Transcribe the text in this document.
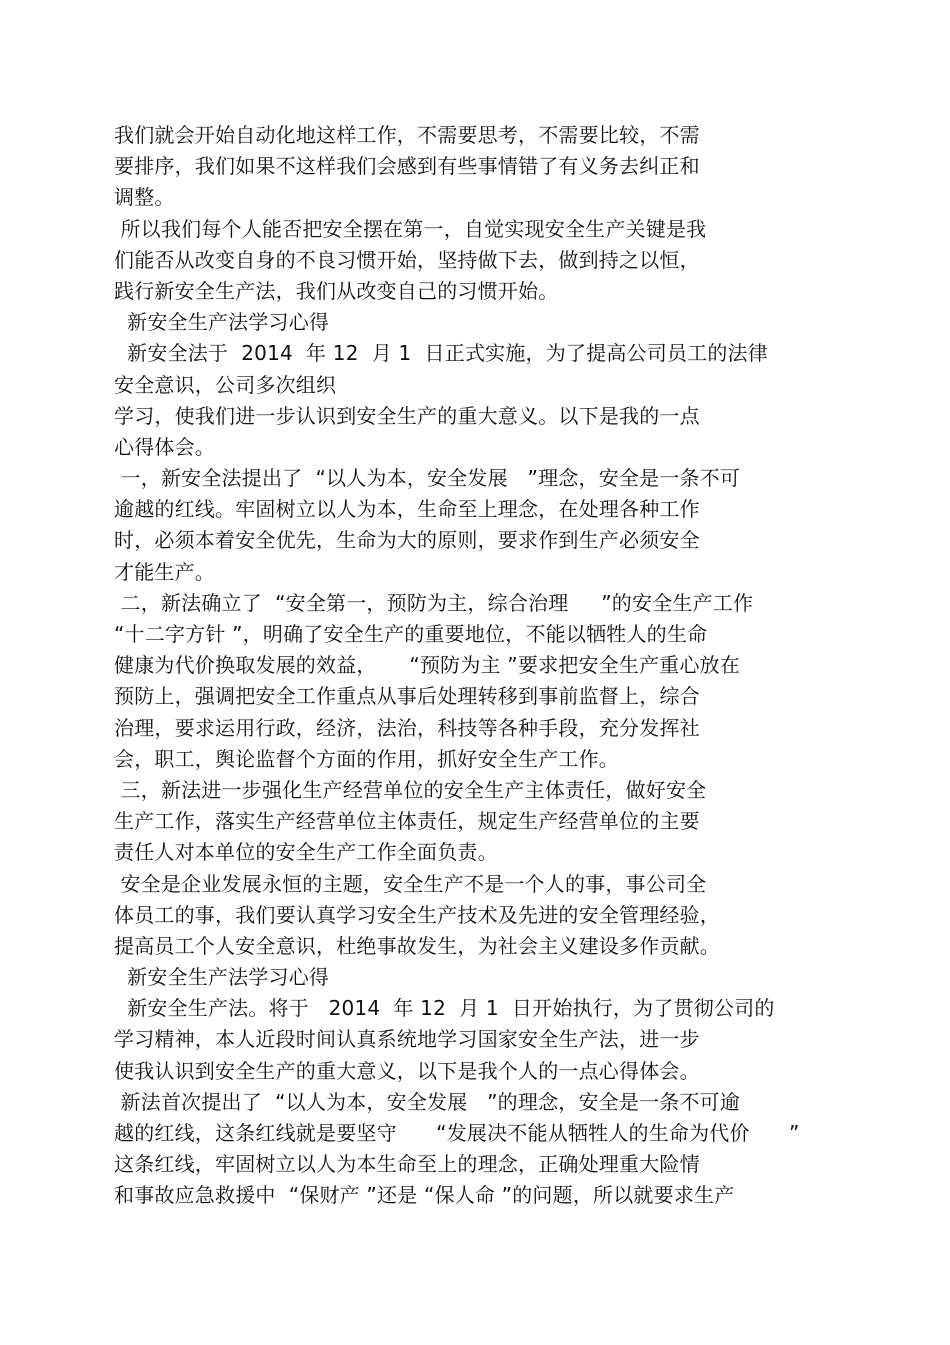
我们就会开始自动化地这样工作，不需要思考，不需要比较，不需
要排序，我们如果不这样我们会感到有些事情错了有义务去纠正和
调整。
所以我们每个人能否把安全摆在第一，自觉实现安全生产关键是我
们能否从改变自身的不良习惯开始，坚持做下去，做到持之以恒，
践行新安全生产法，我们从改变自己的习惯开始。
新安全生产法学习心得
新安全法于  2014  年 12  月 1  日正式实施，为了提高公司员工的法律
安全意识，公司多次组织
学习，使我们进一步认识到安全生产的重大意义。以下是我的一点
心得体会。
一，新安全法提出了  “以人为本，安全发展   ”理念，安全是一条不可
逾越的红线。牢固树立以人为本，生命至上理念，在处理各种工作
时，必须本着安全优先，生命为大的原则，要求作到生产必须安全
才能生产。
二，新法确立了  “安全第一，预防为主，综合治理     ”的安全生产工作
“十二字方针 ”，明确了安全生产的重要地位，不能以牺牲人的生命
健康为代价换取发展的效益，     “预防为主 ”要求把安全生产重心放在
预防上，强调把安全工作重点从事后处理转移到事前监督上，综合
治理，要求运用行政，经济，法治，科技等各种手段，充分发挥社
会，职工，舆论监督个方面的作用，抓好安全生产工作。
三，新法进一步强化生产经营单位的安全生产主体责任，做好安全
生产工作，落实生产经营单位主体责任，规定生产经营单位的主要
责任人对本单位的安全生产工作全面负责。
安全是企业发展永恒的主题，安全生产不是一个人的事，事公司全
体员工的事，我们要认真学习安全生产技术及先进的安全管理经验，
提高员工个人安全意识，杜绝事故发生，为社会主义建设多作贡献。
新安全生产法学习心得
新安全生产法。将于   2014  年 12  月 1  日开始执行，为了贯彻公司的
学习精神，本人近段时间认真系统地学习国家安全生产法，进一步
使我认识到安全生产的重大意义，以下是我个人的一点心得体会。
新法首次提出了  “以人为本，安全发展   ”的理念，安全是一条不可逾
越的红线，这条红线就是要坚守      “发展决不能从牺牲人的生命为代价      ”
这条红线，牢固树立以人为本生命至上的理念，正确处理重大险情
和事故应急救援中  “保财产 ”还是 “保人命 ”的问题，所以就要求生产
